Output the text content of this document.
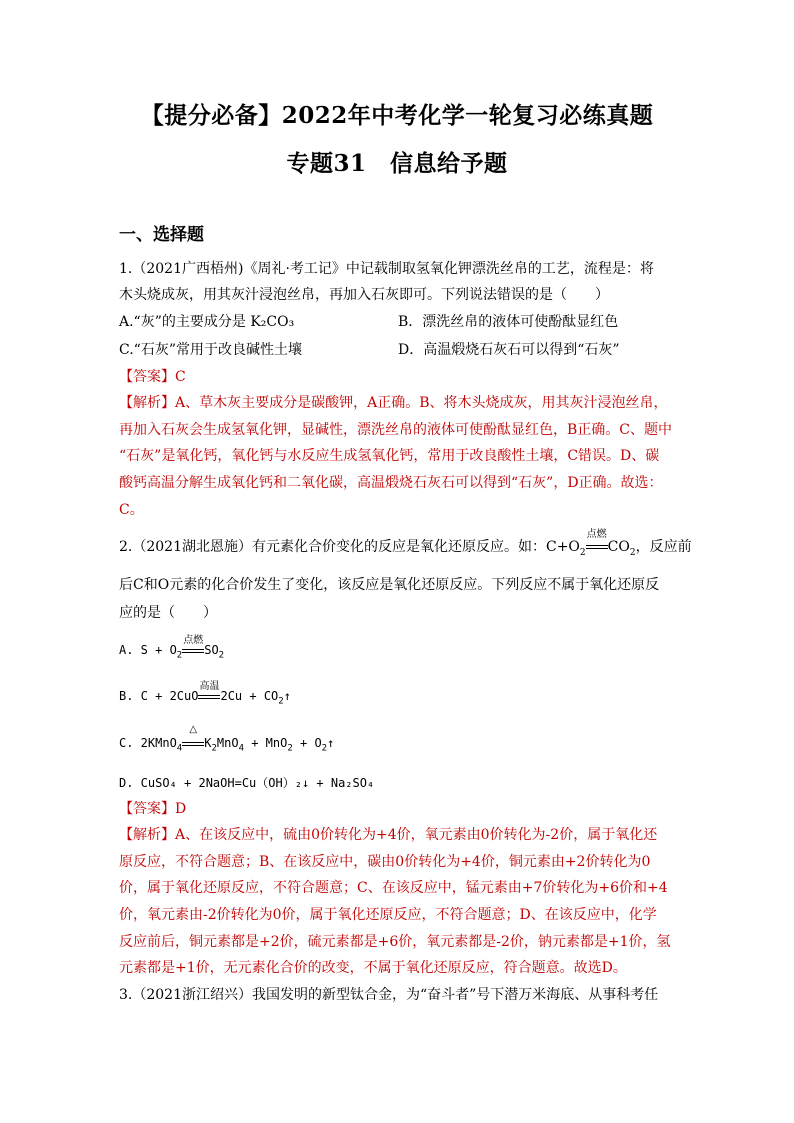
【提分必备】2022年中考化学一轮复习必练真题
专题31　信息给予题
一、选择题
1.（2021广西梧州)《周礼·考工记》中记载制取氢氧化钾漂洗丝帛的工艺，流程是：将
木头烧成灰，用其灰汁浸泡丝帛，再加入石灰即可。下列说法错误的是（　　）
A.“灰”的主要成分是 K₂CO₃	B．漂洗丝帛的液体可使酚酞显红色
C.“石灰”常用于改良碱性土壤	D．高温煅烧石灰石可以得到“石灰”
【答案】C
【解析】A、草木灰主要成分是碳酸钾，A正确。B、将木头烧成灰，用其灰汁浸泡丝帛，
再加入石灰会生成氢氧化钾，显碱性，漂洗丝帛的液体可使酚酞显红色，B正确。C、题中
“石灰”是氧化钙，氧化钙与水反应生成氢氧化钙，常用于改良酸性土壤，C错误。D、碳
酸钙高温分解生成氧化钙和二氧化碳，高温煅烧石灰石可以得到“石灰”，D正确。故选：
C。
2.（2021湖北恩施）有元素化合价变化的反应是氧化还原反应。如：$C+O_2$
点燃
$CO_2$，反应前
后C和O元素的化合价发生了变化，该反应是氧化还原反应。下列反应不属于氧化还原反
应的是（　　）
A. $S + O_2$
点燃
$SO_2$
B. C + 2CuO
高温
$2Cu + CO_2↑$
C. 2KMnO$_4$
△
$K_2MnO_4 + MnO_2$ + $O_2↑$
D. CuSO₄ + 2NaOH=Cu（OH）₂↓ + Na₂SO₄
【答案】D
【解析】A、在该反应中，硫由0价转化为+4价，氧元素由0价转化为-2价，属于氧化还
原反应，不符合题意；B、在该反应中，碳由0价转化为+4价，铜元素由+2价转化为0
价，属于氧化还原反应，不符合题意；C、在该反应中，锰元素由+7价转化为+6价和+4
价，氧元素由-2价转化为0价，属于氧化还原反应，不符合题意；D、在该反应中，化学
反应前后，铜元素都是+2价，硫元素都是+6价，氧元素都是-2价，钠元素都是+1价，氢
元素都是+1价，无元素化合价的改变，不属于氧化还原反应，符合题意。故选D。
3.（2021浙江绍兴）我国发明的新型钛合金，为“奋斗者”号下潜万米海底、从事科考任
